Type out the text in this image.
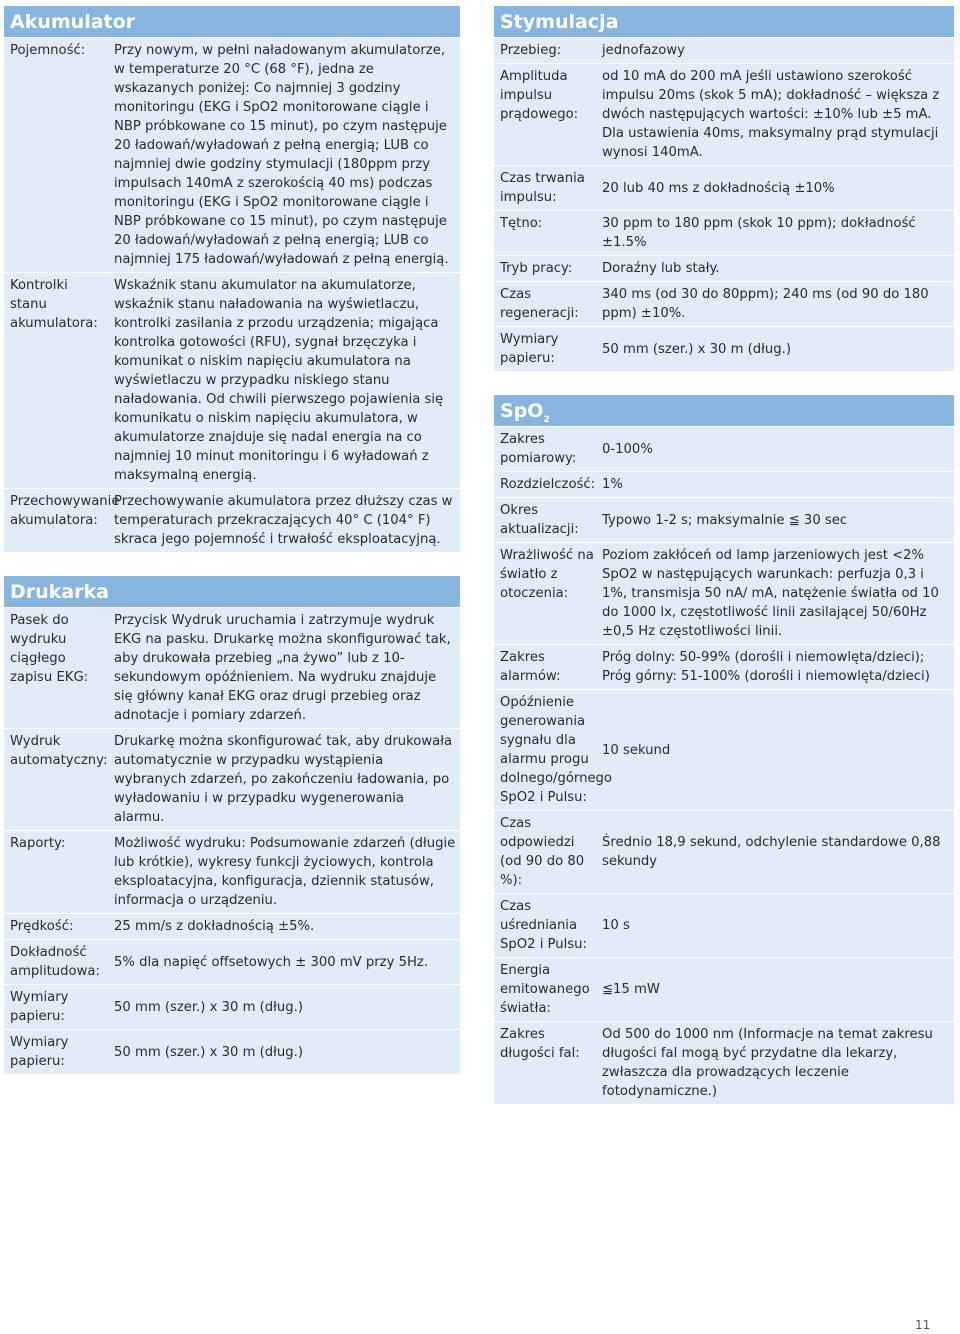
Akumulator
Pojemność:	Przy nowym, w pełni naładowanym akumulatorze, w temperaturze 20 °C (68 °F), jedna ze wskazanych poniżej: Co najmniej 3 godziny monitoringu (EKG i SpO2 monitorowane ciągle i NBP próbkowane co 15 minut), po czym następuje 20 ładowań/wyładowań z pełną energią; LUB co najmniej dwie godziny stymulacji (180ppm przy impulsach 140mA z szerokością 40 ms) podczas monitoringu (EKG i SpO2 monitorowane ciągle i NBP próbkowane co 15 minut), po czym następuje 20 ładowań/wyładowań z pełną energią; LUB co najmniej 175 ładowań/wyładowań z pełną energią.
Kontrolki stanu akumulatora:
Wskaźnik stanu akumulator na akumulatorze, wskaźnik stanu naładowania na wyświetlaczu, kontrolki zasilania z przodu urządzenia; migająca kontrolka gotowości (RFU), sygnał brzęczyka i komunikat o niskim napięciu akumulatora na wyświetlaczu w przypadku niskiego stanu naładowania. Od chwili pierwszego pojawienia się komunikatu o niskim napięciu akumulatora, w akumulatorze znajduje się nadal energia na co najmniej 10 minut monitoringu i 6 wyładowań z maksymalną energią.
Przechowywanie akumulatora:
Przechowywanie akumulatora przez dłuższy czas w temperaturach przekraczających 40° C (104° F) skraca jego pojemność i trwałość eksploatacyjną.
Drukarka
Pasek do wydruku ciągłego zapisu EKG:
Przycisk Wydruk uruchamia i zatrzymuje wydruk EKG na pasku. Drukarkę można skonfigurować tak, aby drukowała przebieg „na żywo” lub z 10-sekundowym opóźnieniem. Na wydruku znajduje się główny kanał EKG oraz drugi przebieg oraz adnotacje i pomiary zdarzeń.
Wydruk automatyczny:
Drukarkę można skonfigurować tak, aby drukowała automatycznie w przypadku wystąpienia wybranych zdarzeń, po zakończeniu ładowania, po wyładowaniu i w przypadku wygenerowania alarmu.
Raporty:	Możliwość wydruku: Podsumowanie zdarzeń (długie lub krótkie), wykresy funkcji życiowych, kontrola eksploatacyjna, konfiguracja, dziennik statusów, informacja o urządzeniu.
Prędkość:	25 mm/s z dokładnością ±5%.
Dokładność amplitudowa:
5% dla napięć offsetowych ± 300 mV przy 5Hz.
Wymiary papieru:
50 mm (szer.) x 30 m (dług.)
Wymiary papieru:
50 mm (szer.) x 30 m (dług.)
Stymulacja
Przebieg:	jednofazowy
Amplituda impulsu prądowego:
od 10 mA do 200 mA jeśli ustawiono szerokość impulsu 20ms (skok 5 mA); dokładność – większa z dwóch następujących wartości: ±10% lub ±5 mA. Dla ustawienia 40ms, maksymalny prąd stymulacji wynosi 140mA.
Czas trwania impulsu:
20 lub 40 ms z dokładnością ±10%
Tętno:	30 ppm to 180 ppm (skok 10 ppm); dokładność ±1.5%
Tryb pracy:	Doraźny lub stały.
Czas regeneracji:
340 ms (od 30 do 80ppm); 240 ms (od 90 do 180 ppm) ±10%.
Wymiary papieru:
50 mm (szer.) x 30 m (dług.)
SpO$_2$
Zakres pomiarowy:
0-100%
Rozdzielczość: 1%
Okres aktualizacji:
Typowo 1-2 s; maksymalnie ≦ 30 sec
Wrażliwość na światło z otoczenia:
Poziom zakłóceń od lamp jarzeniowych jest <2% SpO2 w następujących warunkach: perfuzja 0,3 i 1%, transmisja 50 nA/ mA, natężenie światła od 10 do 1000 lx, częstotliwość linii zasilającej 50/60Hz ±0,5 Hz częstotliwości linii.
Zakres alarmów:
Próg dolny: 50-99% (dorośli i niemowlęta/dzieci); Próg górny: 51-100% (dorośli i niemowlęta/dzieci)
Opóźnienie generowania sygnału dla alarmu progu dolnego/górnego SpO2 i Pulsu:
10 sekund
Czas odpowiedzi (od 90 do 80 %):
Średnio 18,9 sekund, odchylenie standardowe 0,88 sekundy
Czas uśredniania SpO2 i Pulsu:
10 s
Energia emitowanego światła:
≦15 mW
Zakres długości fal:
Od 500 do 1000 nm (Informacje na temat zakresu długości fal mogą być przydatne dla lekarzy, zwłaszcza dla prowadzących leczenie fotodynamiczne.)
11
